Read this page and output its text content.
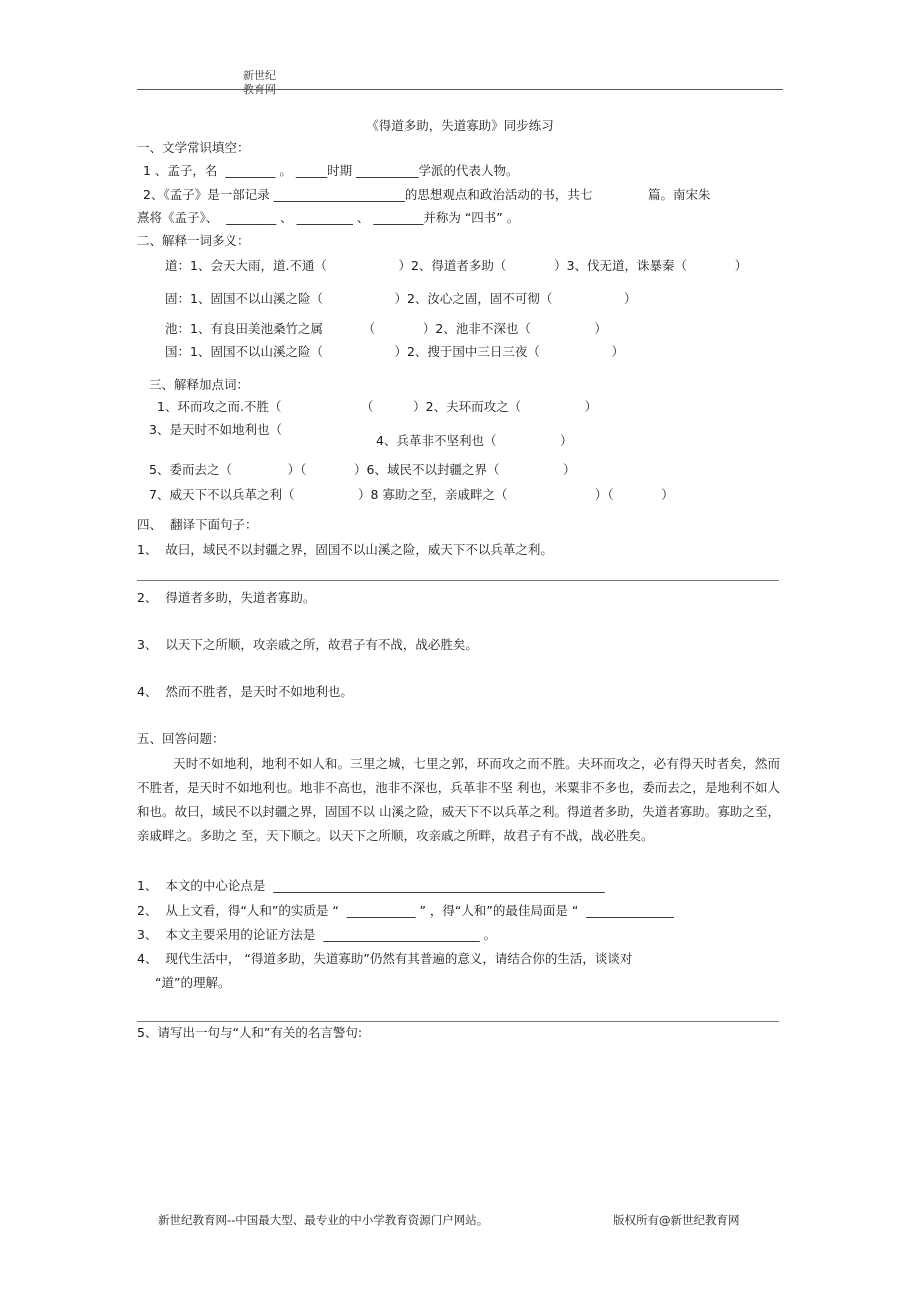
新世纪
教育网
《得道多助，失道寡助》同步练习
一、文学常识填空：
1 、孟子，名  ________ 。 _____时期 __________学派的代表人物。
2、《孟子》是一部记录 _____________________的思想观点和政治活动的书，共七              篇。南宋朱
熹将《孟子》、  ________ 、 _________ 、 ________并称为 “四书” 。
二、解释一词多义：
道：1、会天大雨，道.不通（                  ）2、得道者多助（            ）3、伐无道，诛暴秦（            ）
固：1、固国不以山溪之险（                  ）2、汝心之固，固不可彻（                  ）
池：1、有良田美池桑竹之属          （            ）2、池非不深也（                ）
国：1、固国不以山溪之险（                  ）2、搜于国中三日三夜（                  ）
三、解释加点词：
1、环而攻之而.不胜（                    （          ）2、夫环而攻之（                ）
3、是天时不如地利也（
4、兵革非不坚利也（                ）
5、委而去之（              ）（            ）6、域民不以封疆之界（                ）
7、威天下不以兵革之利（                ）8 寡助之至，亲戚畔之（                      ）（            ）
四、  翻译下面句子：
1、  故曰，域民不以封疆之界，固国不以山溪之险，威天下不以兵革之利。
2、  得道者多助，失道者寡助。
3、  以天下之所顺，攻亲戚之所，故君子有不战，战必胜矣。
4、  然而不胜者，是天时不如地利也。
五、回答问题：
天时不如地利，地利不如人和。三里之城，七里之郭，环而攻之而不胜。夫环而攻之，必有得天时者矣，然而不胜者，是天时不如地利也。地非不高也，池非不深也，兵革非不坚 利也，米粟非不多也，委而去之，是地利不如人和也。故曰，域民不以封疆之界，固国不以 山溪之险，威天下不以兵革之利。得道者多助，失道者寡助。寡助之至，亲戚畔之。多助之 至，天下顺之。以天下之所顺，攻亲戚之所畔，故君子有不战，战必胜矣。
1、  本文的中心论点是  _____________________________________________________
2、  从上文看，得“人和”的实质是 “  ___________ ” ，得“人和”的最佳局面是 “  ______________
3、  本文主要采用的论证方法是  _________________________ 。
4、  现代生活中， “得道多助，失道寡助”仍然有其普遍的意义，请结合你的生活，谈谈对
“道”的理解。
5、请写出一句与“人和”有关的名言警句:
新世纪教育网--中国最大型、最专业的中小学教育资源门户网站。	版权所有@新世纪教育网
